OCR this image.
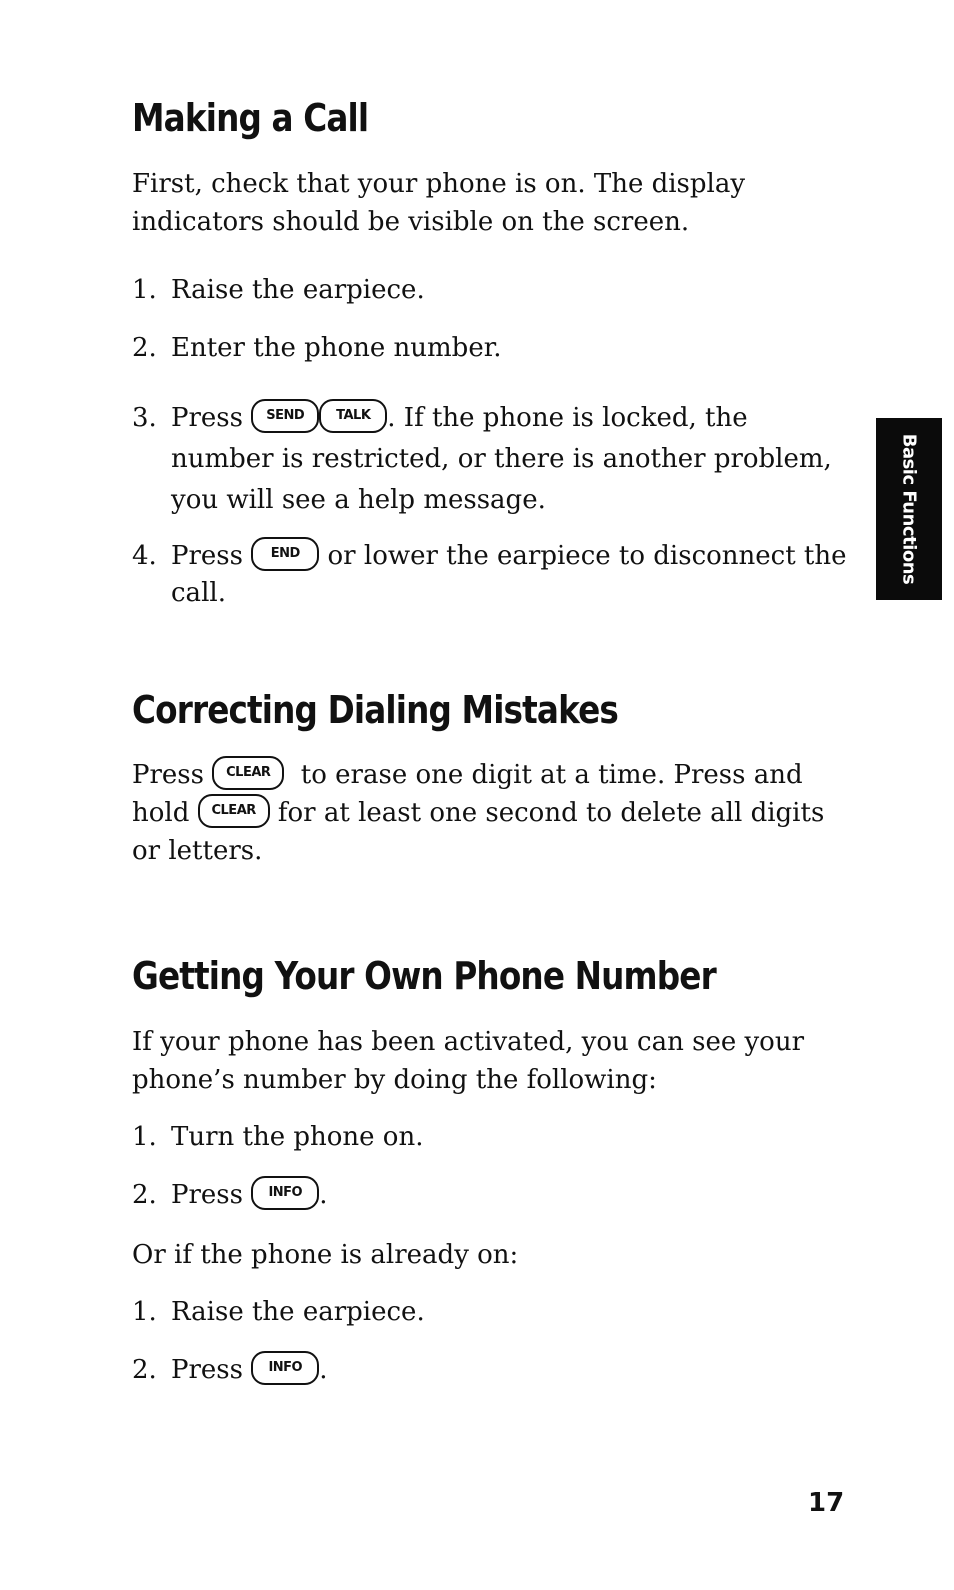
Making a Call

First, check that your phone is on. The display indicators should be visible on the screen.

1. Raise the earpiece.
2. Enter the phone number.
3. Press SEND TALK . If the phone is locked, the number is restricted, or there is another problem, you will see a help message.
4. Press END or lower the earpiece to disconnect the call.
Correcting Dialing Mistakes

Press CLEAR to erase one digit at a time. Press and hold CLEAR for at least one second to delete all digits or letters.

Getting Your Own Phone Number

If your phone has been activated, you can see your phone’s number by doing the following:

1. Turn the phone on.
2. Press INFO .

Or if the phone is already on:

1. Raise the earpiece.
2. Press INFO .
Basic Functions
17
